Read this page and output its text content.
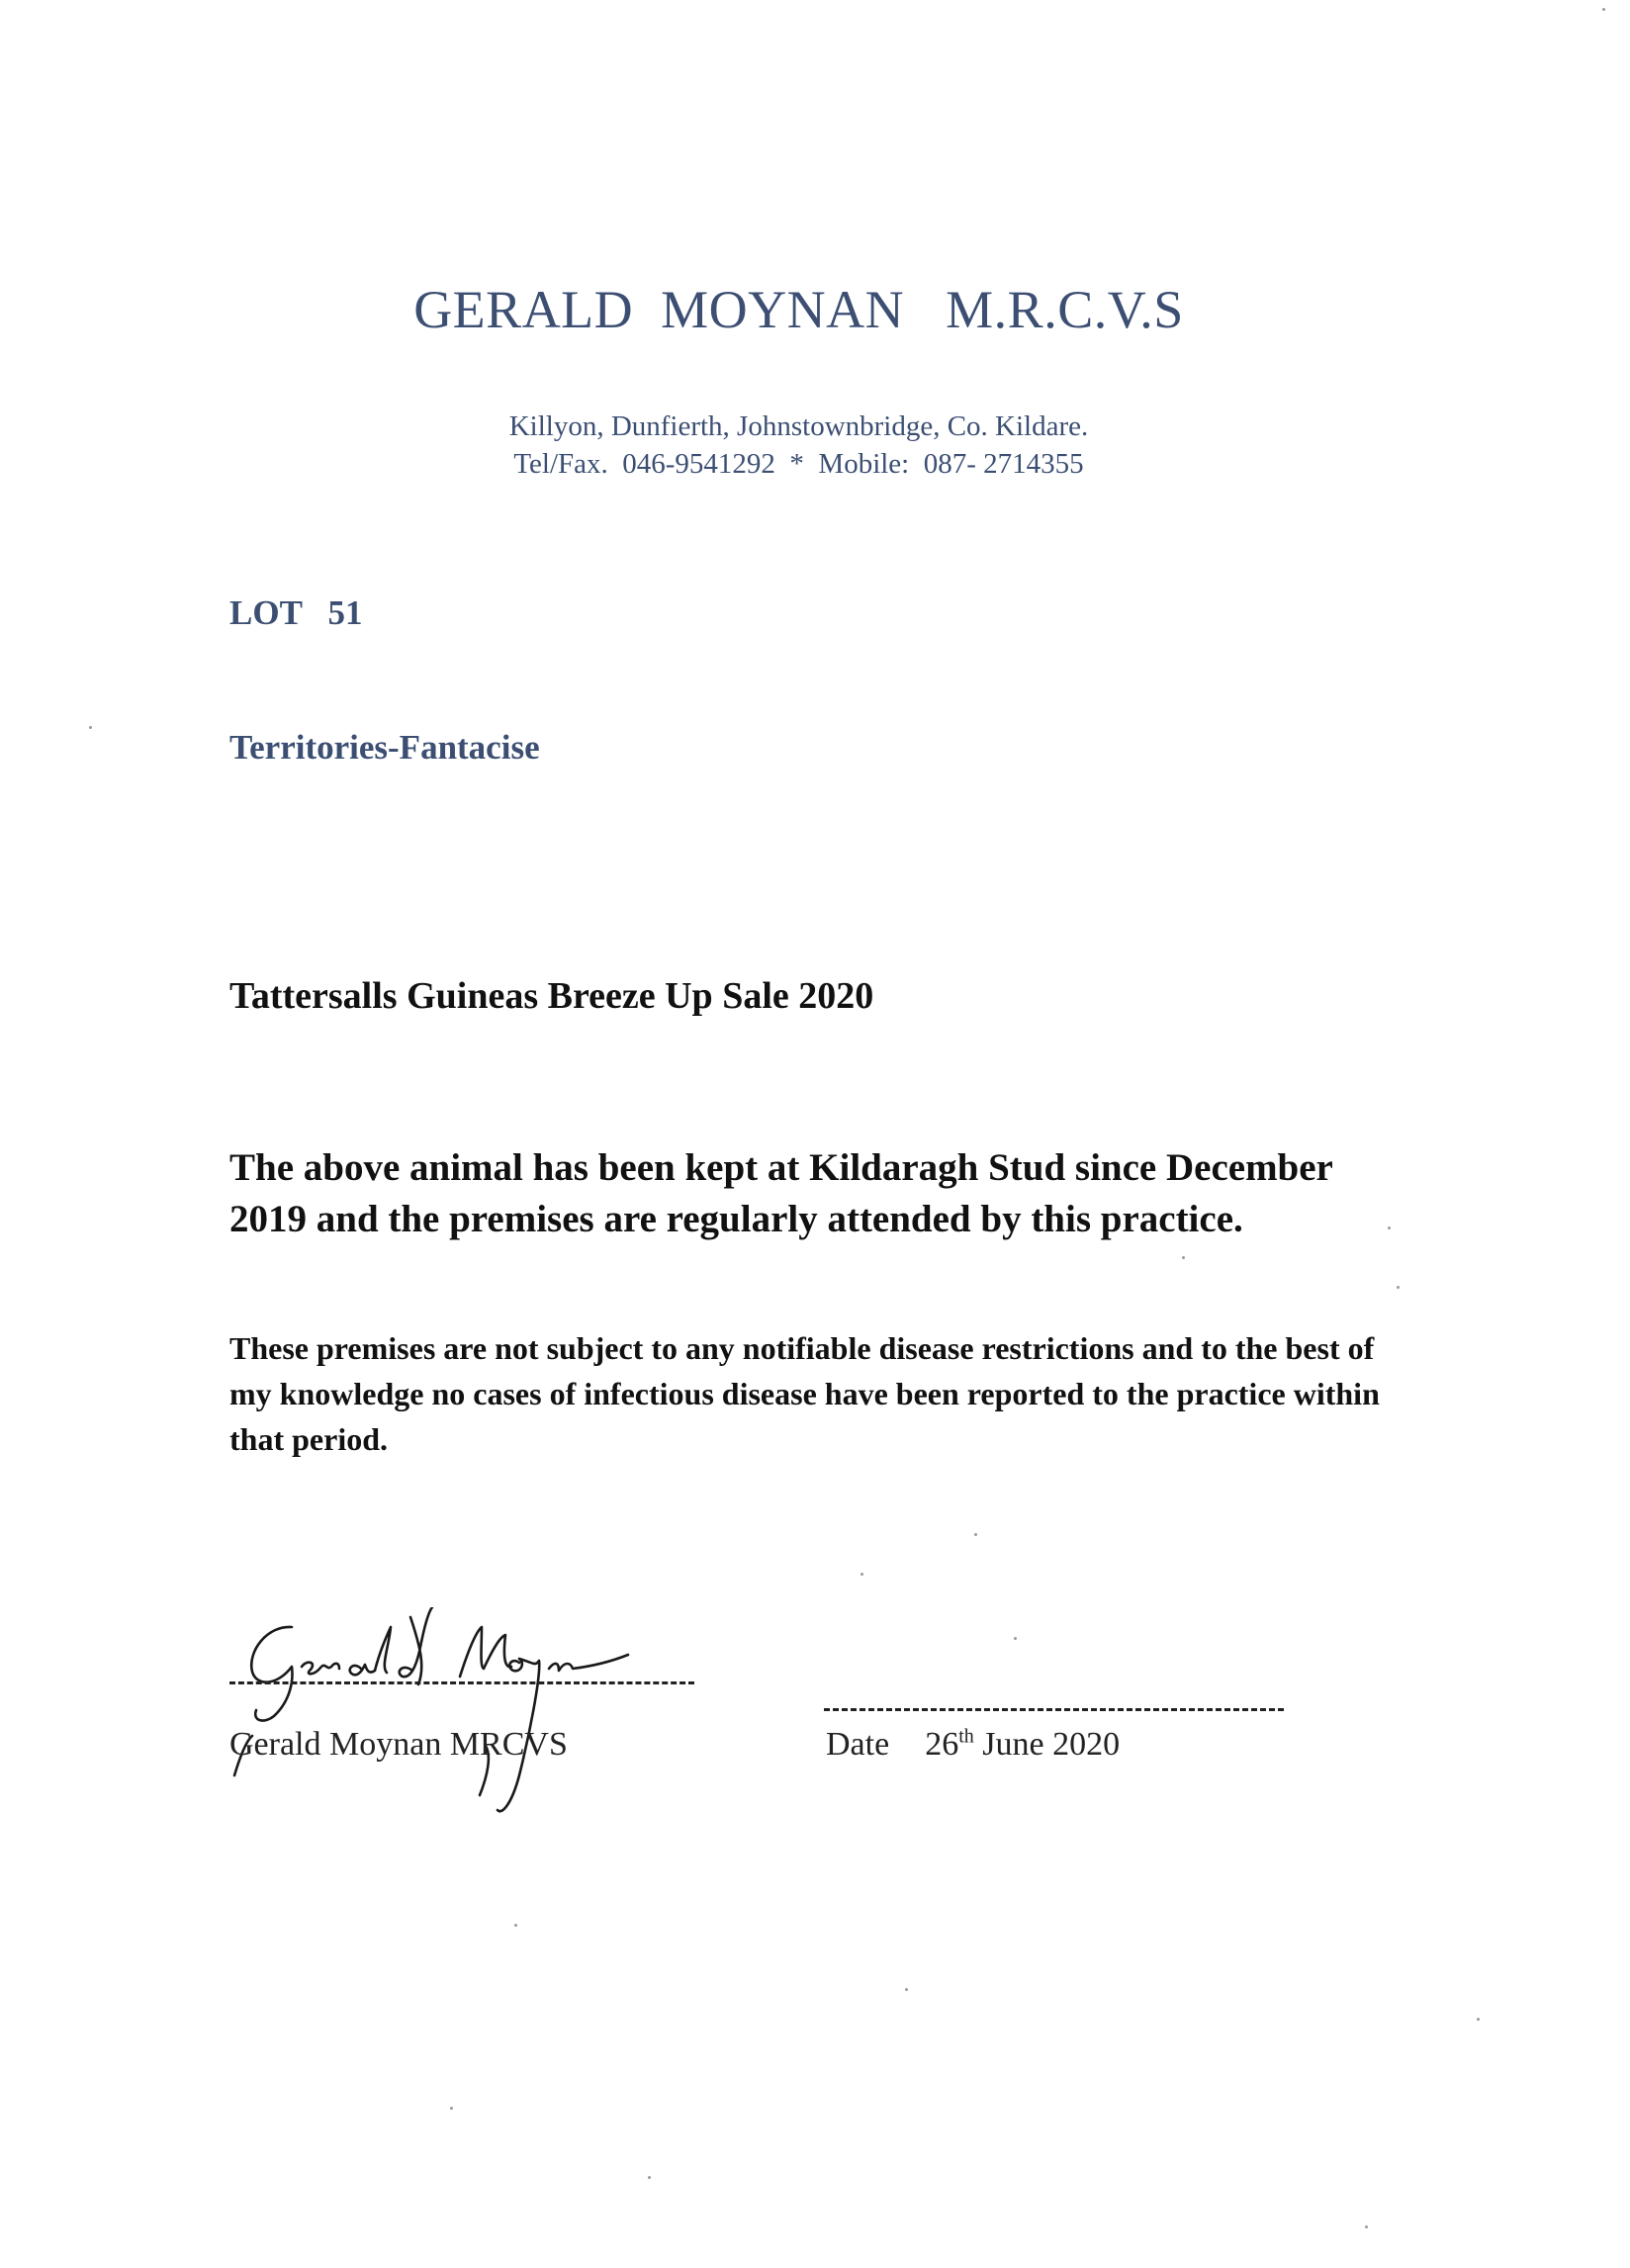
GERALD  MOYNAN   M.R.C.V.S
Killyon, Dunfierth, Johnstownbridge, Co. Kildare.
Tel/Fax.  046-9541292  *  Mobile:  087- 2714355
LOT 51
Territories-Fantacise
Tattersalls Guineas Breeze Up Sale 2020
The above animal has been kept at Kildaragh Stud since December 2019 and the premises are regularly attended by this practice.
These premises are not subject to any notifiable disease restrictions and to the best of my knowledge no cases of infectious disease have been reported to the practice within that period.
Gerald Moynan MRCVS	Date 26th June 2020
